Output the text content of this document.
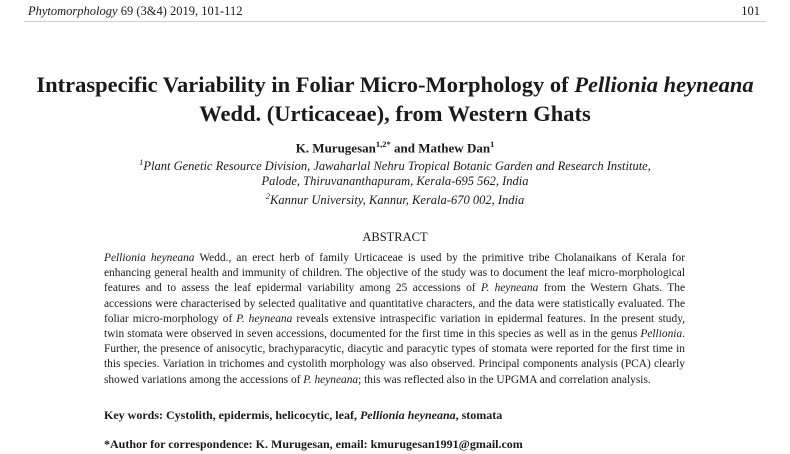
Phytomorphology 69 (3&4) 2019, 101-112	101
Intraspecific Variability in Foliar Micro-Morphology of Pellionia heyneana Wedd. (Urticaceae), from Western Ghats
K. Murugesan$^{1,2*}$ and Mathew Dan$^1$
$^1$Plant Genetic Resource Division, Jawaharlal Nehru Tropical Botanic Garden and Research Institute,
Palode, Thiruvananthapuram, Kerala-695 562, India
$^2$Kannur University, Kannur, Kerala-670 002, India
ABSTRACT

Pellionia heyneana Wedd., an erect herb of family Urticaceae is used by the primitive tribe Cholanaikans of Kerala for enhancing general health and immunity of children. The objective of the study was to document the leaf micro-morphological features and to assess the leaf epidermal variability among 25 accessions of P. heyneana from the Western Ghats. The accessions were characterised by selected qualitative and quantitative characters, and the data were statistically evaluated. The foliar micro-morphology of P. heyneana reveals extensive intraspecific variation in epidermal features. In the present study, twin stomata were observed in seven accessions, documented for the first time in this species as well as in the genus Pellionia. Further, the presence of anisocytic, brachyparacytic, diacytic and paracytic types of stomata were reported for the first time in this species. Variation in trichomes and cystolith morphology was also observed. Principal components analysis (PCA) clearly showed variations among the accessions of P. heyneana; this was reflected also in the UPGMA and correlation analysis.

Key words: Cystolith, epidermis, helicocytic, leaf, Pellionia heyneana, stomata
*Author for correspondence: K. Murugesan, email: kmurugesan1991@gmail.com
